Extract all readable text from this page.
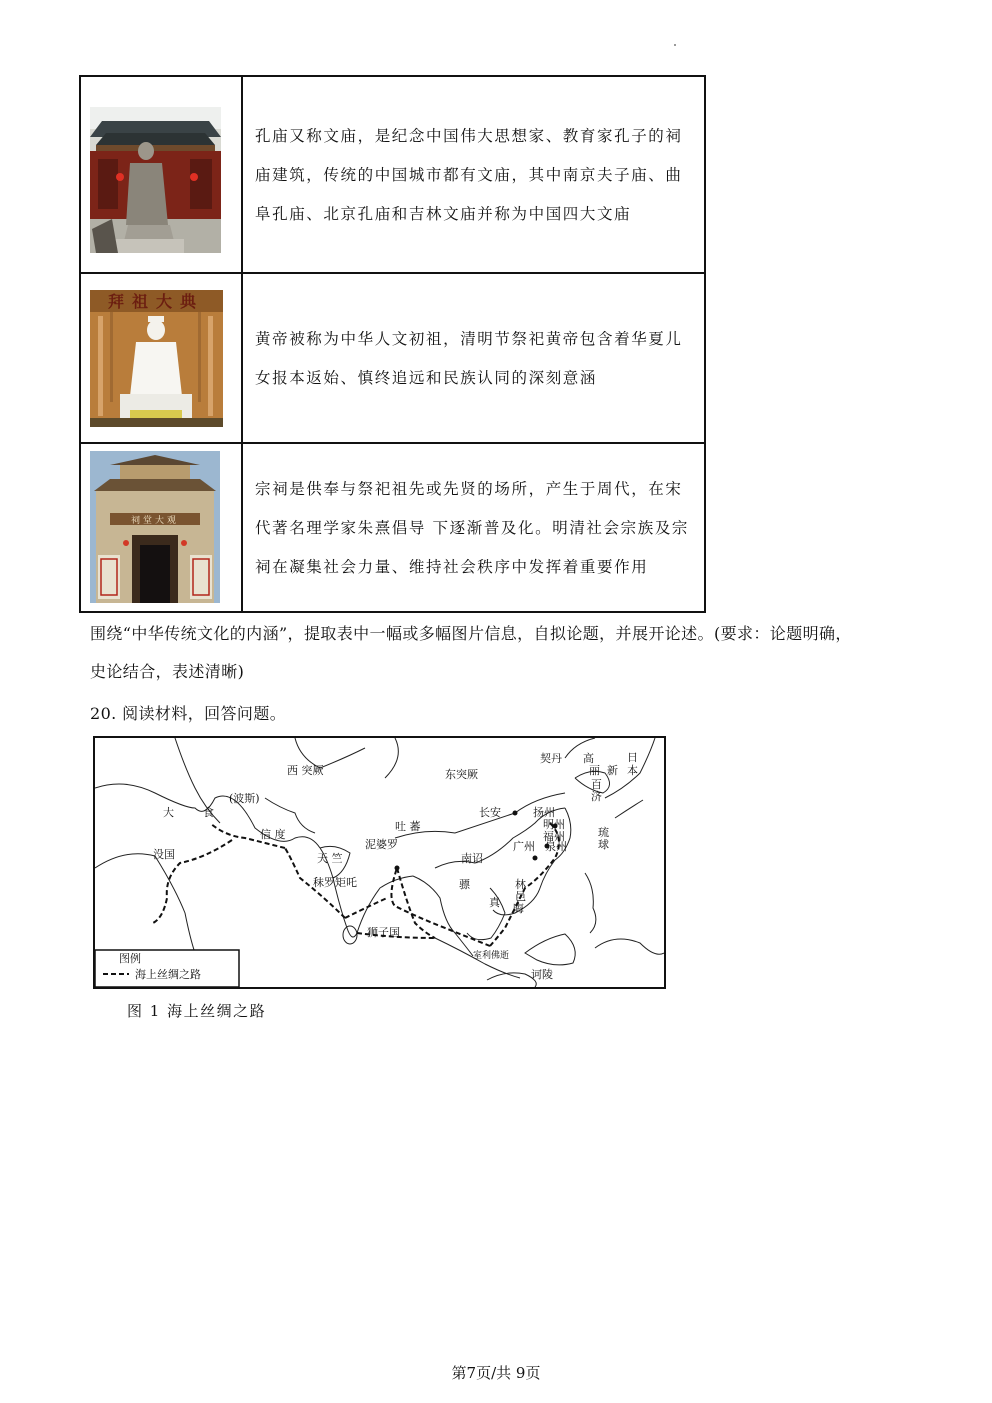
孔庙又称文庙，是纪念中国伟大思想家、教育家孔子的祠庙建筑，传统的中国城市都有文庙，其中南京夫子庙、曲阜孔庙、北京孔庙和吉林文庙并称为中国四大文庙

拜祖大典

黄帝被称为中华人文初祖，清明节祭祀黄帝包含着华夏儿女报本返始、慎终追远和民族认同的深刻意涵

祠堂大观

宗祠是供奉与祭祀祖先或先贤的场所，产生于周代，在宋代著名理学家朱熹倡导 下逐渐普及化。明清社会宗族及宗祠在凝集社会力量、维持社会秩序中发挥着重要作用

围绕“中华传统文化的内涵”，提取表中一幅或多幅图片信息，自拟论题，并展开论述。(要求：论题明确，

史论结合，表述清晰)

20. 阅读材料，回答问题。

西 突厥	东突厥
契丹 高
丽 新
日
本
百
济
(波斯)
大	食	长安
吐 蕃
扬州
明州
福州
泉州
广州
琉
球
信 度
泥婆罗
南诏
天 竺
没国
秣罗矩吒	骠
真
林
邑
晦
狮子国
室利佛逝
诃陵
图例
海上丝绸之路

图 1 海上丝绸之路

第7页/共 9页
